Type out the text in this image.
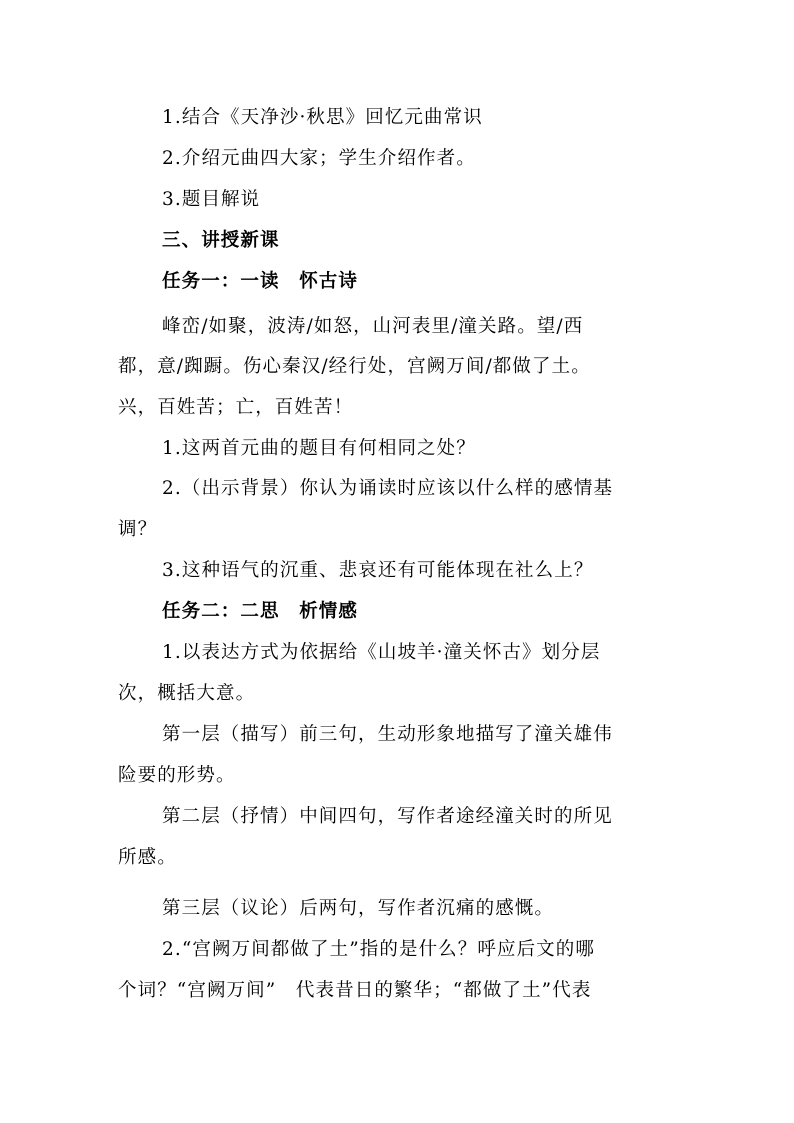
1.结合《天净沙·秋思》回忆元曲常识
2.介绍元曲四大家；学生介绍作者。
3.题目解说
三、讲授新课
任务一：一读　怀古诗
峰峦/如聚，波涛/如怒，山河表里/潼关路。望/西
都，意/踟蹰。伤心秦汉/经行处，宫阙万间/都做了土。
兴，百姓苦；亡，百姓苦！
1.这两首元曲的题目有何相同之处？
2.（出示背景）你认为诵读时应该以什么样的感情基
调？
3.这种语气的沉重、悲哀还有可能体现在社么上？
任务二：二思　析情感
1.以表达方式为依据给《山坡羊·潼关怀古》划分层
次，概括大意。
第一层（描写）前三句，生动形象地描写了潼关雄伟
险要的形势。
第二层（抒情）中间四句，写作者途经潼关时的所见
所感。
第三层（议论）后两句，写作者沉痛的感慨。
2.“宫阙万间都做了土”指的是什么？呼应后文的哪
个词？“宫阙万间”　代表昔日的繁华；“都做了土”代表
